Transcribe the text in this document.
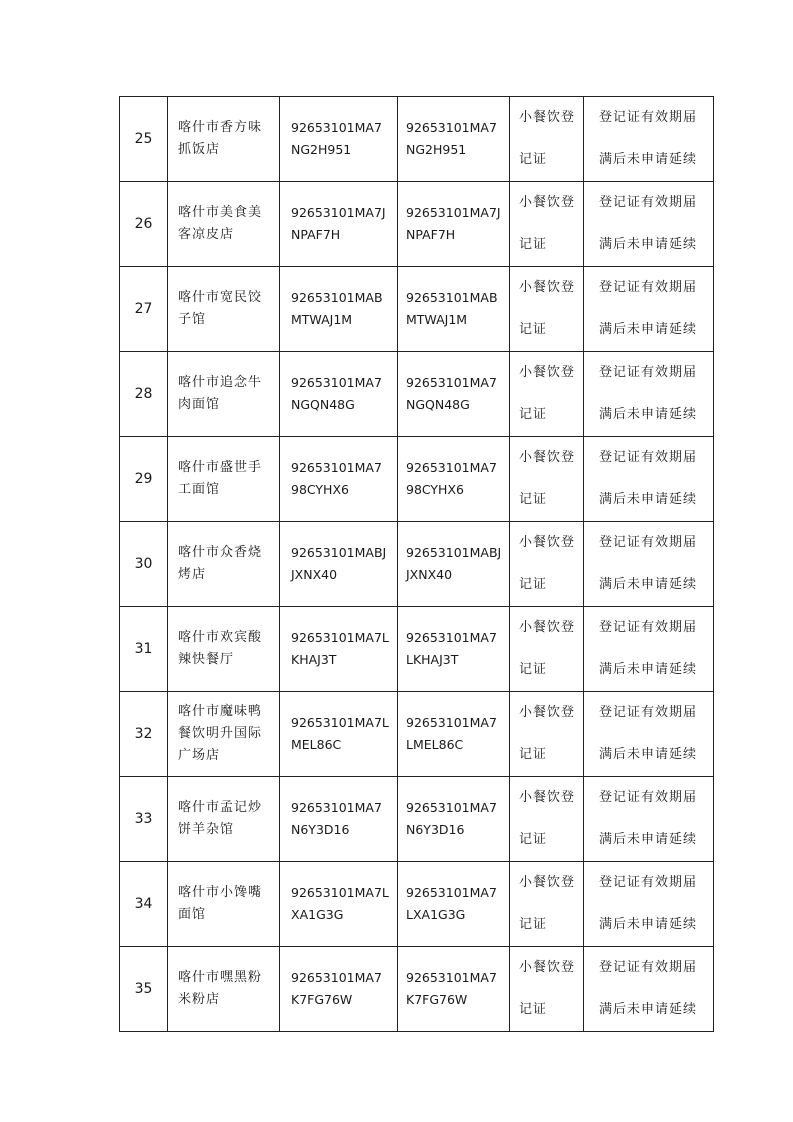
25	喀什市香方味抓饭店	92653101MA7NG2H951	92653101MA7NG2H951	小餐饮登记证	登记证有效期届满后未申请延续

26	喀什市美食美客凉皮店	92653101MA7JNPAF7H	92653101MA7JNPAF7H	小餐饮登记证	登记证有效期届满后未申请延续

27	喀什市宽民饺子馆	92653101MABMTWAJ1M	92653101MABMTWAJ1M	小餐饮登记证	登记证有效期届满后未申请延续

28	喀什市追念牛肉面馆	92653101MA7NGQN48G	92653101MA7NGQN48G	小餐饮登记证	登记证有效期届满后未申请延续

29	喀什市盛世手工面馆	92653101MA798CYHX6	92653101MA798CYHX6	小餐饮登记证	登记证有效期届满后未申请延续

30	喀什市众香烧烤店	92653101MABJJXNX40	92653101MABJJXNX40	小餐饮登记证	登记证有效期届满后未申请延续

31	喀什市欢宾酸辣快餐厅	92653101MA7LKHAJ3T	92653101MA7LKHAJ3T	小餐饮登记证	登记证有效期届满后未申请延续

32	喀什市魔味鸭餐饮明升国际广场店	92653101MA7LMEL86C	92653101MA7LMEL86C	小餐饮登记证	登记证有效期届满后未申请延续

33	喀什市孟记炒饼羊杂馆	92653101MA7N6Y3D16	92653101MA7N6Y3D16	小餐饮登记证	登记证有效期届满后未申请延续

34	喀什市小馋嘴面馆	92653101MA7LXA1G3G	92653101MA7LXA1G3G	小餐饮登记证	登记证有效期届满后未申请延续

35	喀什市嘿黑粉米粉店	92653101MA7K7FG76W	92653101MA7K7FG76W	小餐饮登记证	登记证有效期届满后未申请延续
